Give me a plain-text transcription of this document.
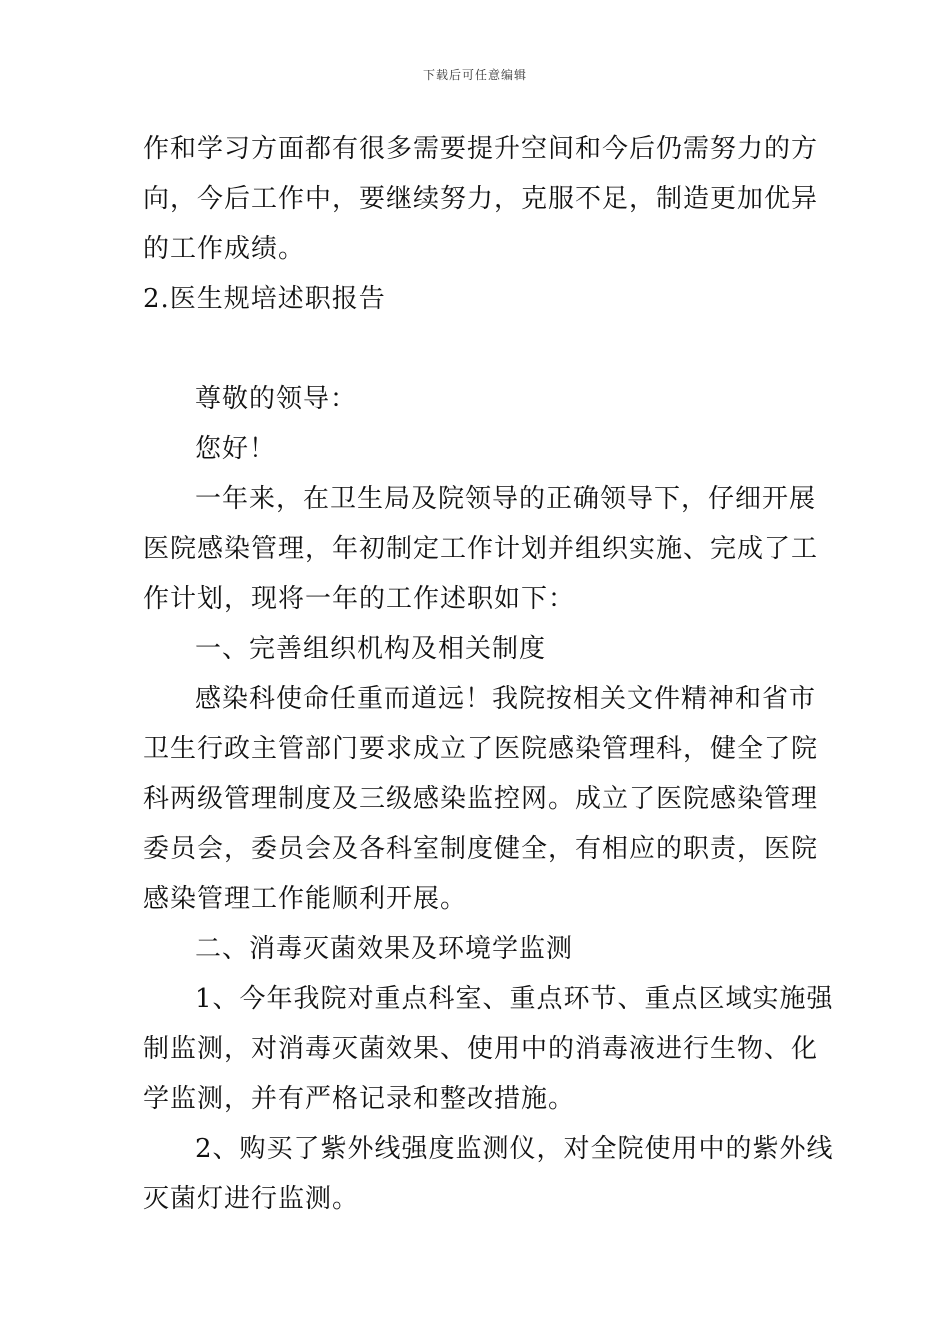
下载后可任意编辑
作和学习方面都有很多需要提升空间和今后仍需努力的方
向，今后工作中，要继续努力，克服不足，制造更加优异
的工作成绩。
2.医生规培述职报告
尊敬的领导：
您好！
一年来，在卫生局及院领导的正确领导下，仔细开展
医院感染管理，年初制定工作计划并组织实施、完成了工
作计划，现将一年的工作述职如下：
一、完善组织机构及相关制度
感染科使命任重而道远！我院按相关文件精神和省市
卫生行政主管部门要求成立了医院感染管理科，健全了院
科两级管理制度及三级感染监控网。成立了医院感染管理
委员会，委员会及各科室制度健全，有相应的职责，医院
感染管理工作能顺利开展。
二、消毒灭菌效果及环境学监测
1、今年我院对重点科室、重点环节、重点区域实施强
制监测，对消毒灭菌效果、使用中的消毒液进行生物、化
学监测，并有严格记录和整改措施。
2、购买了紫外线强度监测仪，对全院使用中的紫外线
灭菌灯进行监测。
